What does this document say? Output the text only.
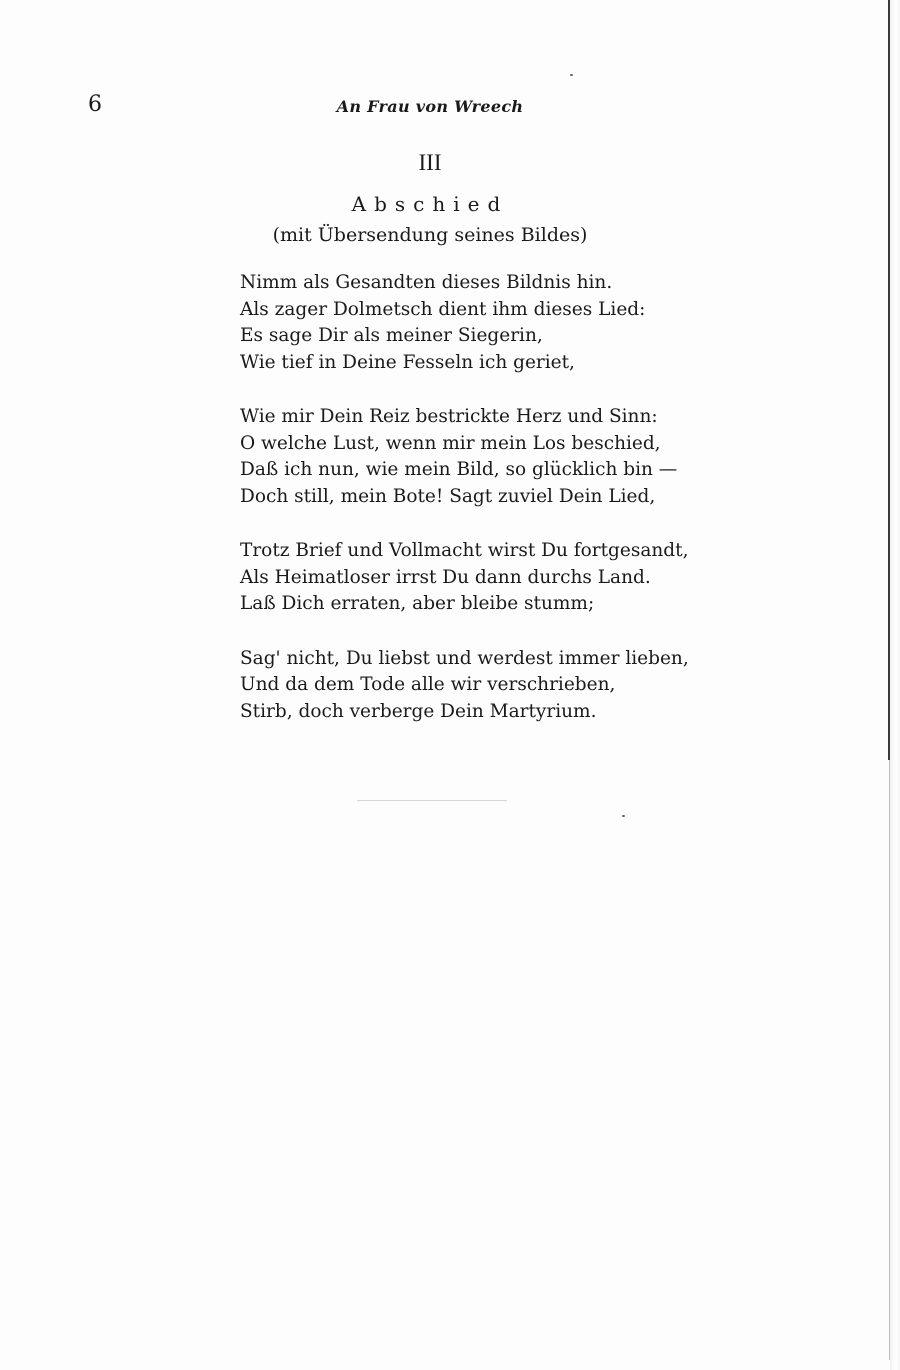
6	An Frau von Wreech
III
Abschied
(mit Übersendung seines Bildes)
Nimm als Gesandten dieses Bildnis hin.
Als zager Dolmetsch dient ihm dieses Lied:
Es sage Dir als meiner Siegerin,
Wie tief in Deine Fesseln ich geriet,
Wie mir Dein Reiz bestrickte Herz und Sinn:
O welche Lust, wenn mir mein Los beschied,
Daß ich nun, wie mein Bild, so glücklich bin —
Doch still, mein Bote! Sagt zuviel Dein Lied,
Trotz Brief und Vollmacht wirst Du fortgesandt,
Als Heimatloser irrst Du dann durchs Land.
Laß Dich erraten, aber bleibe stumm;
Sag' nicht, Du liebst und werdest immer lieben,
Und da dem Tode alle wir verschrieben,
Stirb, doch verberge Dein Martyrium.
